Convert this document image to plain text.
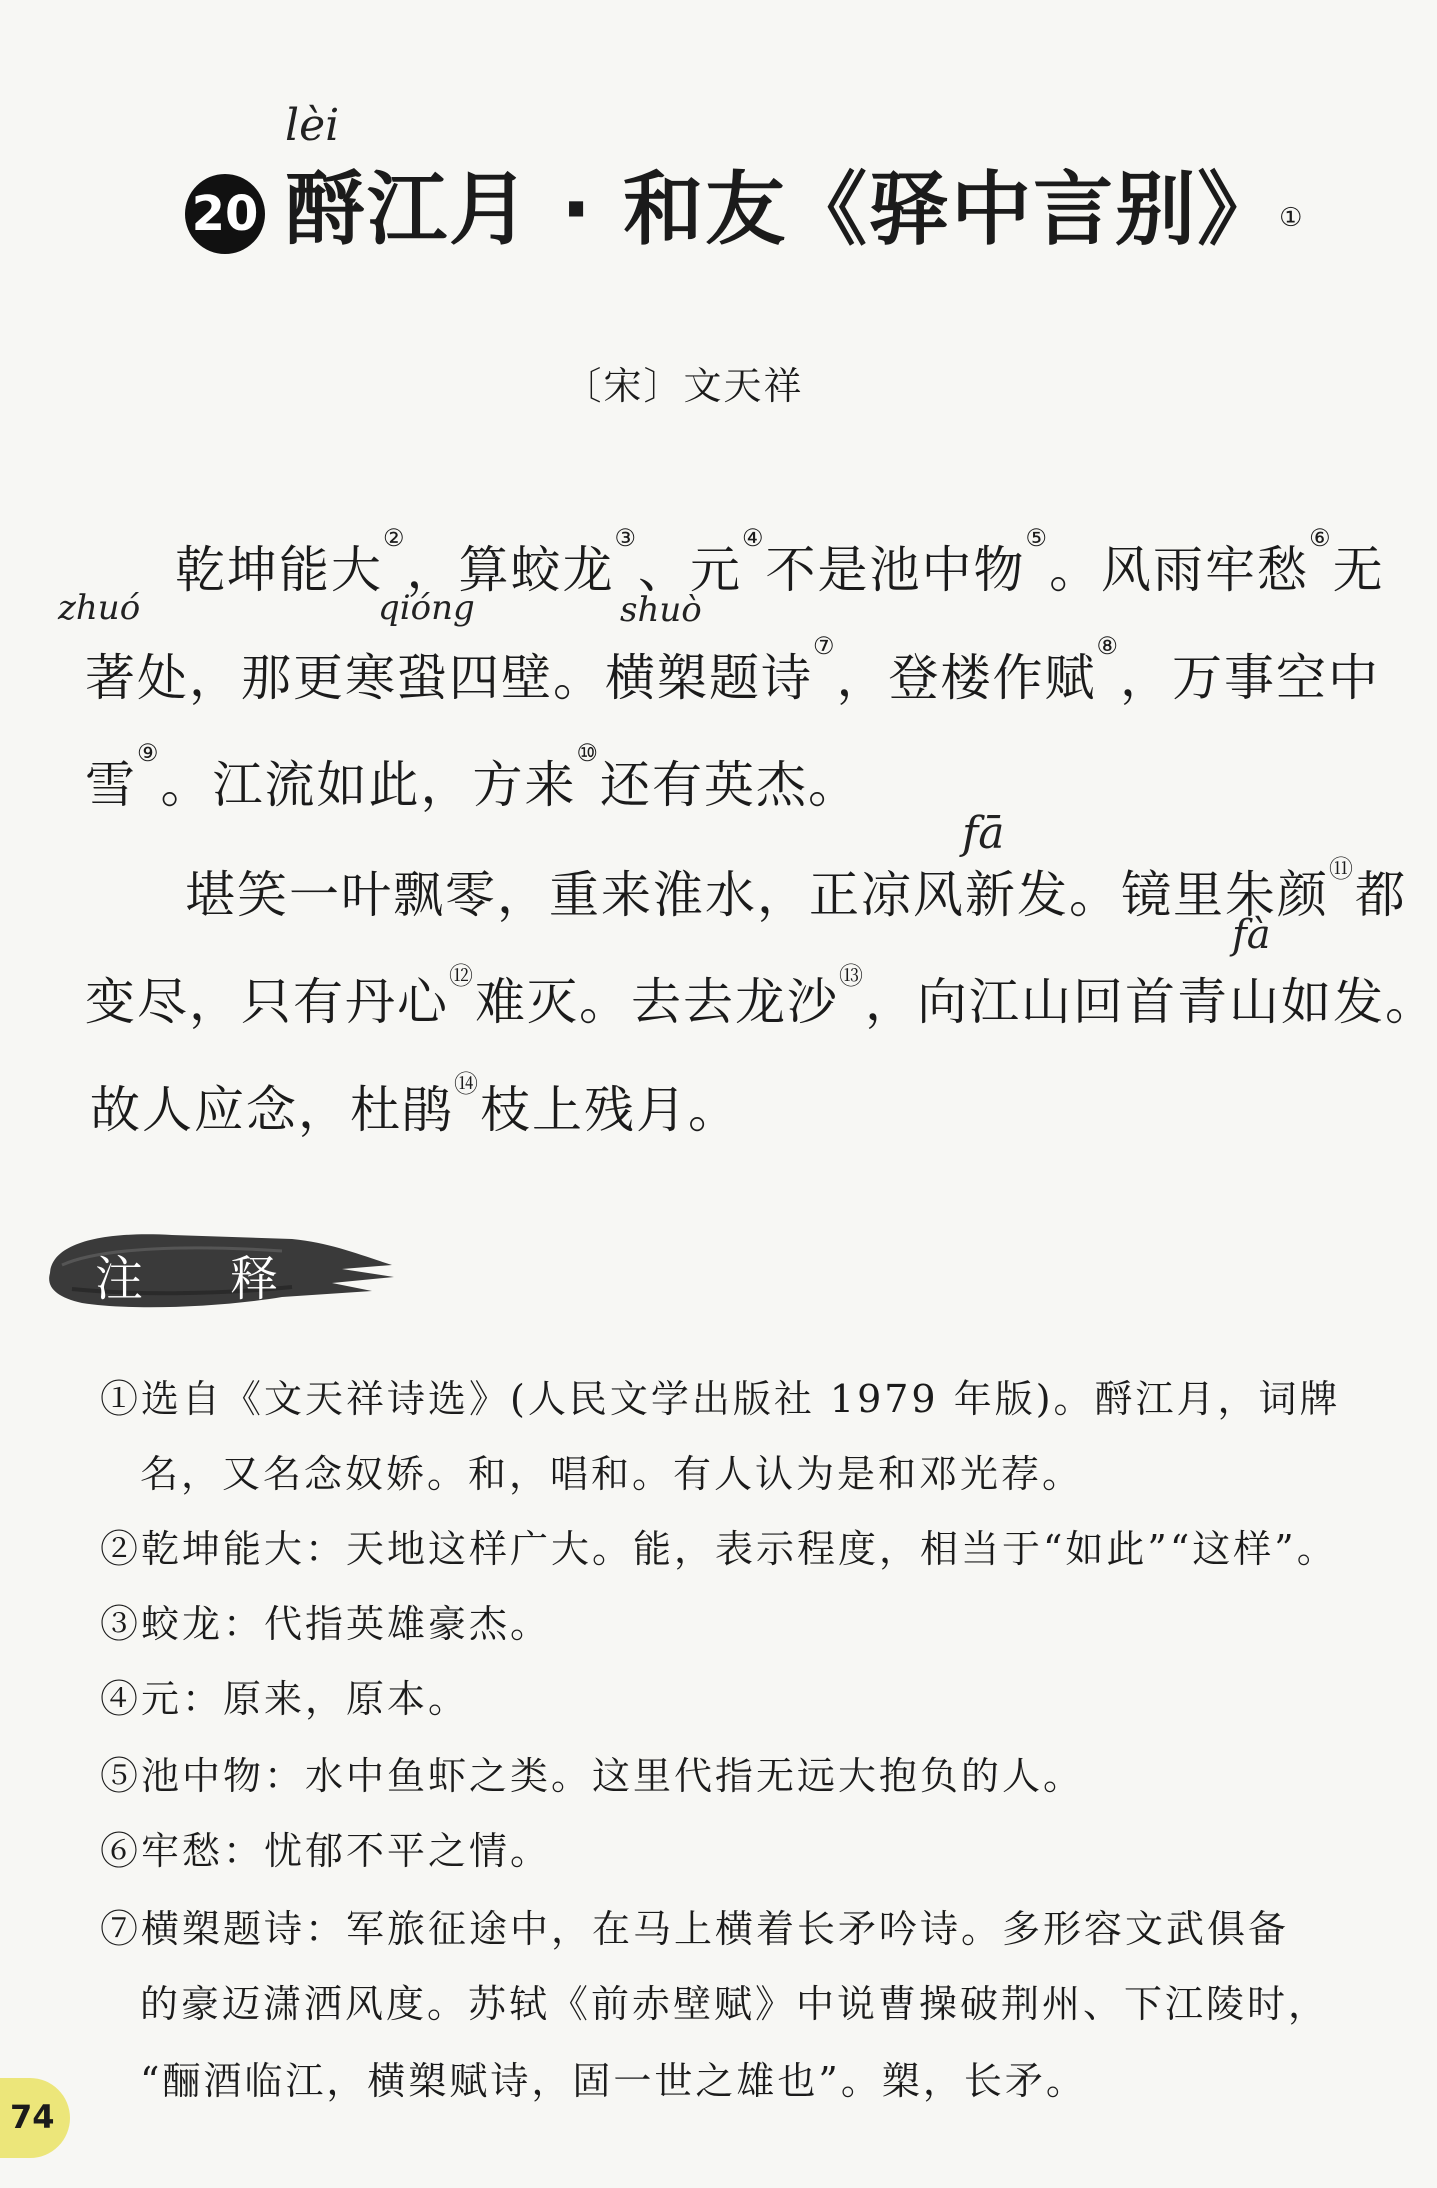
20 酹江月 · 和友《驿中言别》①
lèi
〔宋〕文天祥
zhuó	qióng	shuò
fā
fà
乾坤能大②，算蛟龙③、元④不是池中物⑤。风雨牢愁⑥无
著处，那更寒蛩四壁。横槊题诗⑦，登楼作赋⑧，万事空中
雪⑨。江流如此，方来⑩还有英杰。
堪笑一叶飘零，重来淮水，正凉风新发。镜里朱颜⑪都
变尽，只有丹心⑫难灭。去去龙沙⑬，向江山回首青山如发。
故人应念，杜鹃⑭枝上残月。
注 释
①选自《文天祥诗选》(人民文学出版社 1979 年版)。酹江月，词牌
名，又名念奴娇。和，唱和。有人认为是和邓光荐。
②乾坤能大：天地这样广大。能，表示程度，相当于“如此”“这样”。
③蛟龙：代指英雄豪杰。
④元：原来，原本。
⑤池中物：水中鱼虾之类。这里代指无远大抱负的人。
⑥牢愁：忧郁不平之情。
⑦横槊题诗：军旅征途中，在马上横着长矛吟诗。多形容文武俱备
的豪迈潇洒风度。苏轼《前赤壁赋》中说曹操破荆州、下江陵时，
“酾酒临江，横槊赋诗，固一世之雄也”。槊，长矛。
74
